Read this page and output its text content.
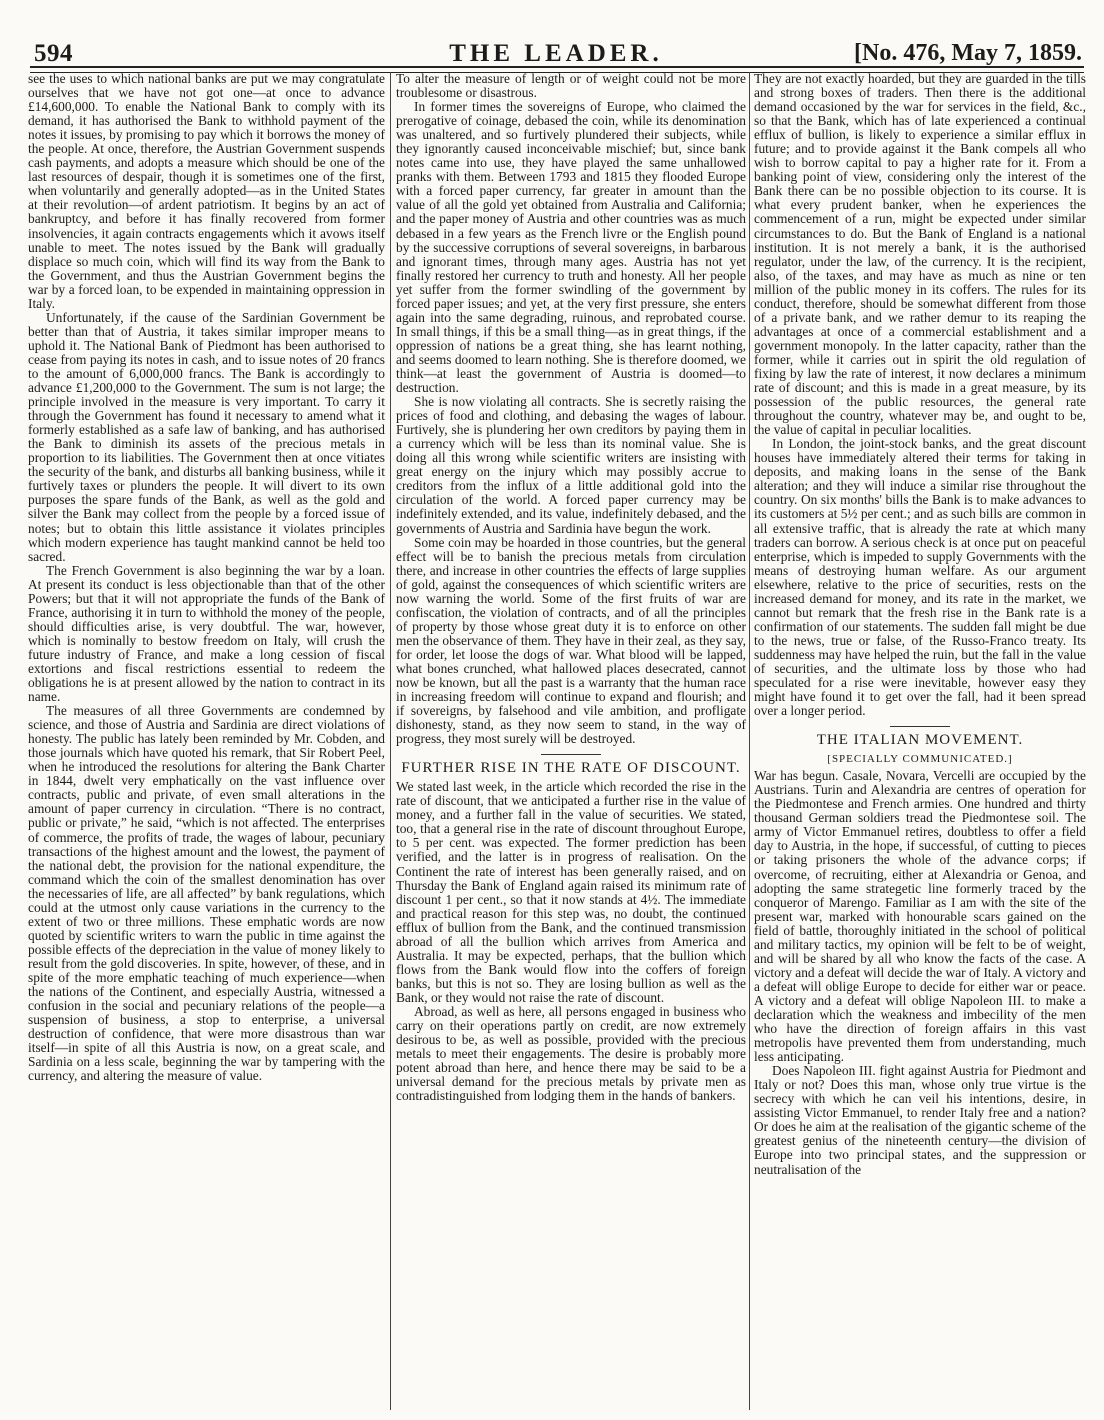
594	THE LEADER.	[No. 476, May 7, 1859.

see the uses to which national banks are put we may congratulate ourselves that we have not got one—at once to advance £14,600,000. To enable the National Bank to comply with its demand, it has authorised the Bank to withhold payment of the notes it issues, by promising to pay which it borrows the money of the people. At once, therefore, the Austrian Government suspends cash payments, and adopts a measure which should be one of the last resources of despair, though it is sometimes one of the first, when voluntarily and generally adopted—as in the United States at their revolution—of ardent patriotism. It begins by an act of bankruptcy, and before it has finally recovered from former insolvencies, it again contracts engagements which it avows itself unable to meet. The notes issued by the Bank will gradually displace so much coin, which will find its way from the Bank to the Government, and thus the Austrian Government begins the war by a forced loan, to be expended in maintaining oppression in Italy.

Unfortunately, if the cause of the Sardinian Government be better than that of Austria, it takes similar improper means to uphold it. The National Bank of Piedmont has been authorised to cease from paying its notes in cash, and to issue notes of 20 francs to the amount of 6,000,000 francs. The Bank is accordingly to advance £1,200,000 to the Government. The sum is not large; the principle involved in the measure is very important. To carry it through the Government has found it necessary to amend what it formerly established as a safe law of banking, and has authorised the Bank to diminish its assets of the precious metals in proportion to its liabilities. The Government then at once vitiates the security of the bank, and disturbs all banking business, while it furtively taxes or plunders the people. It will divert to its own purposes the spare funds of the Bank, as well as the gold and silver the Bank may collect from the people by a forced issue of notes; but to obtain this little assistance it violates principles which modern experience has taught mankind cannot be held too sacred.

The French Government is also beginning the war by a loan. At present its conduct is less objectionable than that of the other Powers; but that it will not appropriate the funds of the Bank of France, authorising it in turn to withhold the money of the people, should difficulties arise, is very doubtful. The war, however, which is nominally to bestow freedom on Italy, will crush the future industry of France, and make a long cession of fiscal extortions and fiscal restrictions essential to redeem the obligations he is at present allowed by the nation to contract in its name.

The measures of all three Governments are condemned by science, and those of Austria and Sardinia are direct violations of honesty. The public has lately been reminded by Mr. Cobden, and those journals which have quoted his remark, that Sir Robert Peel, when he introduced the resolutions for altering the Bank Charter in 1844, dwelt very emphatically on the vast influence over contracts, public and private, of even small alterations in the amount of paper currency in circulation. “There is no contract, public or private,” he said, “which is not affected. The enterprises of commerce, the profits of trade, the wages of labour, pecuniary transactions of the highest amount and the lowest, the payment of the national debt, the provision for the national expenditure, the command which the coin of the smallest denomination has over the necessaries of life, are all affected” by bank regulations, which could at the utmost only cause variations in the currency to the extent of two or three millions. These emphatic words are now quoted by scientific writers to warn the public in time against the possible effects of the depreciation in the value of money likely to result from the gold discoveries. In spite, however, of these, and in spite of the more emphatic teaching of much experience—when the nations of the Continent, and especially Austria, witnessed a confusion in the social and pecuniary relations of the people—a suspension of business, a stop to enterprise, a universal destruction of confidence, that were more disastrous than war itself—in spite of all this Austria is now, on a great scale, and Sardinia on a less scale, beginning the war by tampering with the currency, and altering the measure of value.

To alter the measure of length or of weight could not be more troublesome or disastrous.

In former times the sovereigns of Europe, who claimed the prerogative of coinage, debased the coin, while its denomination was unaltered, and so furtively plundered their subjects, while they ignorantly caused inconceivable mischief; but, since bank notes came into use, they have played the same unhallowed pranks with them. Between 1793 and 1815 they flooded Europe with a forced paper currency, far greater in amount than the value of all the gold yet obtained from Australia and California; and the paper money of Austria and other countries was as much debased in a few years as the French livre or the English pound by the successive corruptions of several sovereigns, in barbarous and ignorant times, through many ages. Austria has not yet finally restored her currency to truth and honesty. All her people yet suffer from the former swindling of the government by forced paper issues; and yet, at the very first pressure, she enters again into the same degrading, ruinous, and reprobated course. In small things, if this be a small thing—as in great things, if the oppression of nations be a great thing, she has learnt nothing, and seems doomed to learn nothing. She is therefore doomed, we think—at least the government of Austria is doomed—to destruction.

She is now violating all contracts. She is secretly raising the prices of food and clothing, and debasing the wages of labour. Furtively, she is plundering her own creditors by paying them in a currency which will be less than its nominal value. She is doing all this wrong while scientific writers are insisting with great energy on the injury which may possibly accrue to creditors from the influx of a little additional gold into the circulation of the world. A forced paper currency may be indefinitely extended, and its value, indefinitely debased, and the governments of Austria and Sardinia have begun the work.

Some coin may be hoarded in those countries, but the general effect will be to banish the precious metals from circulation there, and increase in other countries the effects of large supplies of gold, against the consequences of which scientific writers are now warning the world. Some of the first fruits of war are confiscation, the violation of contracts, and of all the principles of property by those whose great duty it is to enforce on other men the observance of them. They have in their zeal, as they say, for order, let loose the dogs of war. What blood will be lapped, what bones crunched, what hallowed places desecrated, cannot now be known, but all the past is a warranty that the human race in increasing freedom will continue to expand and flourish; and if sovereigns, by falsehood and vile ambition, and profligate dishonesty, stand, as they now seem to stand, in the way of progress, they most surely will be destroyed.

FURTHER RISE IN THE RATE OF DISCOUNT.

We stated last week, in the article which recorded the rise in the rate of discount, that we anticipated a further rise in the value of money, and a further fall in the value of securities. We stated, too, that a general rise in the rate of discount throughout Europe, to 5 per cent. was expected. The former prediction has been verified, and the latter is in progress of realisation. On the Continent the rate of interest has been generally raised, and on Thursday the Bank of England again raised its minimum rate of discount 1 per cent., so that it now stands at 4½. The immediate and practical reason for this step was, no doubt, the continued efflux of bullion from the Bank, and the continued transmission abroad of all the bullion which arrives from America and Australia. It may be expected, perhaps, that the bullion which flows from the Bank would flow into the coffers of foreign banks, but this is not so. They are losing bullion as well as the Bank, or they would not raise the rate of discount.

Abroad, as well as here, all persons engaged in business who carry on their operations partly on credit, are now extremely desirous to be, as well as possible, provided with the precious metals to meet their engagements. The desire is probably more potent abroad than here, and hence there may be said to be a universal demand for the precious metals by private men as contradistinguished from lodging them in the hands of bankers.

They are not exactly hoarded, but they are guarded in the tills and strong boxes of traders. Then there is the additional demand occasioned by the war for services in the field, &c., so that the Bank, which has of late experienced a continual efflux of bullion, is likely to experience a similar efflux in future; and to provide against it the Bank compels all who wish to borrow capital to pay a higher rate for it. From a banking point of view, considering only the interest of the Bank there can be no possible objection to its course. It is what every prudent banker, when he experiences the commencement of a run, might be expected under similar circumstances to do. But the Bank of England is a national institution. It is not merely a bank, it is the authorised regulator, under the law, of the currency. It is the recipient, also, of the taxes, and may have as much as nine or ten million of the public money in its coffers. The rules for its conduct, therefore, should be somewhat different from those of a private bank, and we rather demur to its reaping the advantages at once of a commercial establishment and a government monopoly. In the latter capacity, rather than the former, while it carries out in spirit the old regulation of fixing by law the rate of interest, it now declares a minimum rate of discount; and this is made in a great measure, by its possession of the public resources, the general rate throughout the country, whatever may be, and ought to be, the value of capital in peculiar localities.

In London, the joint-stock banks, and the great discount houses have immediately altered their terms for taking in deposits, and making loans in the sense of the Bank alteration; and they will induce a similar rise throughout the country. On six months' bills the Bank is to make advances to its customers at 5½ per cent.; and as such bills are common in all extensive traffic, that is already the rate at which many traders can borrow. A serious check is at once put on peaceful enterprise, which is impeded to supply Governments with the means of destroying human welfare. As our argument elsewhere, relative to the price of securities, rests on the increased demand for money, and its rate in the market, we cannot but remark that the fresh rise in the Bank rate is a confirmation of our statements. The sudden fall might be due to the news, true or false, of the Russo-Franco treaty. Its suddenness may have helped the ruin, but the fall in the value of securities, and the ultimate loss by those who had speculated for a rise were inevitable, however easy they might have found it to get over the fall, had it been spread over a longer period.

THE ITALIAN MOVEMENT.
[SPECIALLY COMMUNICATED.]

War has begun. Casale, Novara, Vercelli are occupied by the Austrians. Turin and Alexandria are centres of operation for the Piedmontese and French armies. One hundred and thirty thousand German soldiers tread the Piedmontese soil. The army of Victor Emmanuel retires, doubtless to offer a field day to Austria, in the hope, if successful, of cutting to pieces or taking prisoners the whole of the advance corps; if overcome, of recruiting, either at Alexandria or Genoa, and adopting the same strategetic line formerly traced by the conqueror of Marengo. Familiar as I am with the site of the present war, marked with honourable scars gained on the field of battle, thoroughly initiated in the school of political and military tactics, my opinion will be felt to be of weight, and will be shared by all who know the facts of the case. A victory and a defeat will decide the war of Italy. A victory and a defeat will oblige Europe to decide for either war or peace. A victory and a defeat will oblige Napoleon III. to make a declaration which the weakness and imbecility of the men who have the direction of foreign affairs in this vast metropolis have prevented them from understanding, much less anticipating.

Does Napoleon III. fight against Austria for Piedmont and Italy or not? Does this man, whose only true virtue is the secrecy with which he can veil his intentions, desire, in assisting Victor Emmanuel, to render Italy free and a nation? Or does he aim at the realisation of the gigantic scheme of the greatest genius of the nineteenth century—the division of Europe into two principal states, and the suppression or neutralisation of the
